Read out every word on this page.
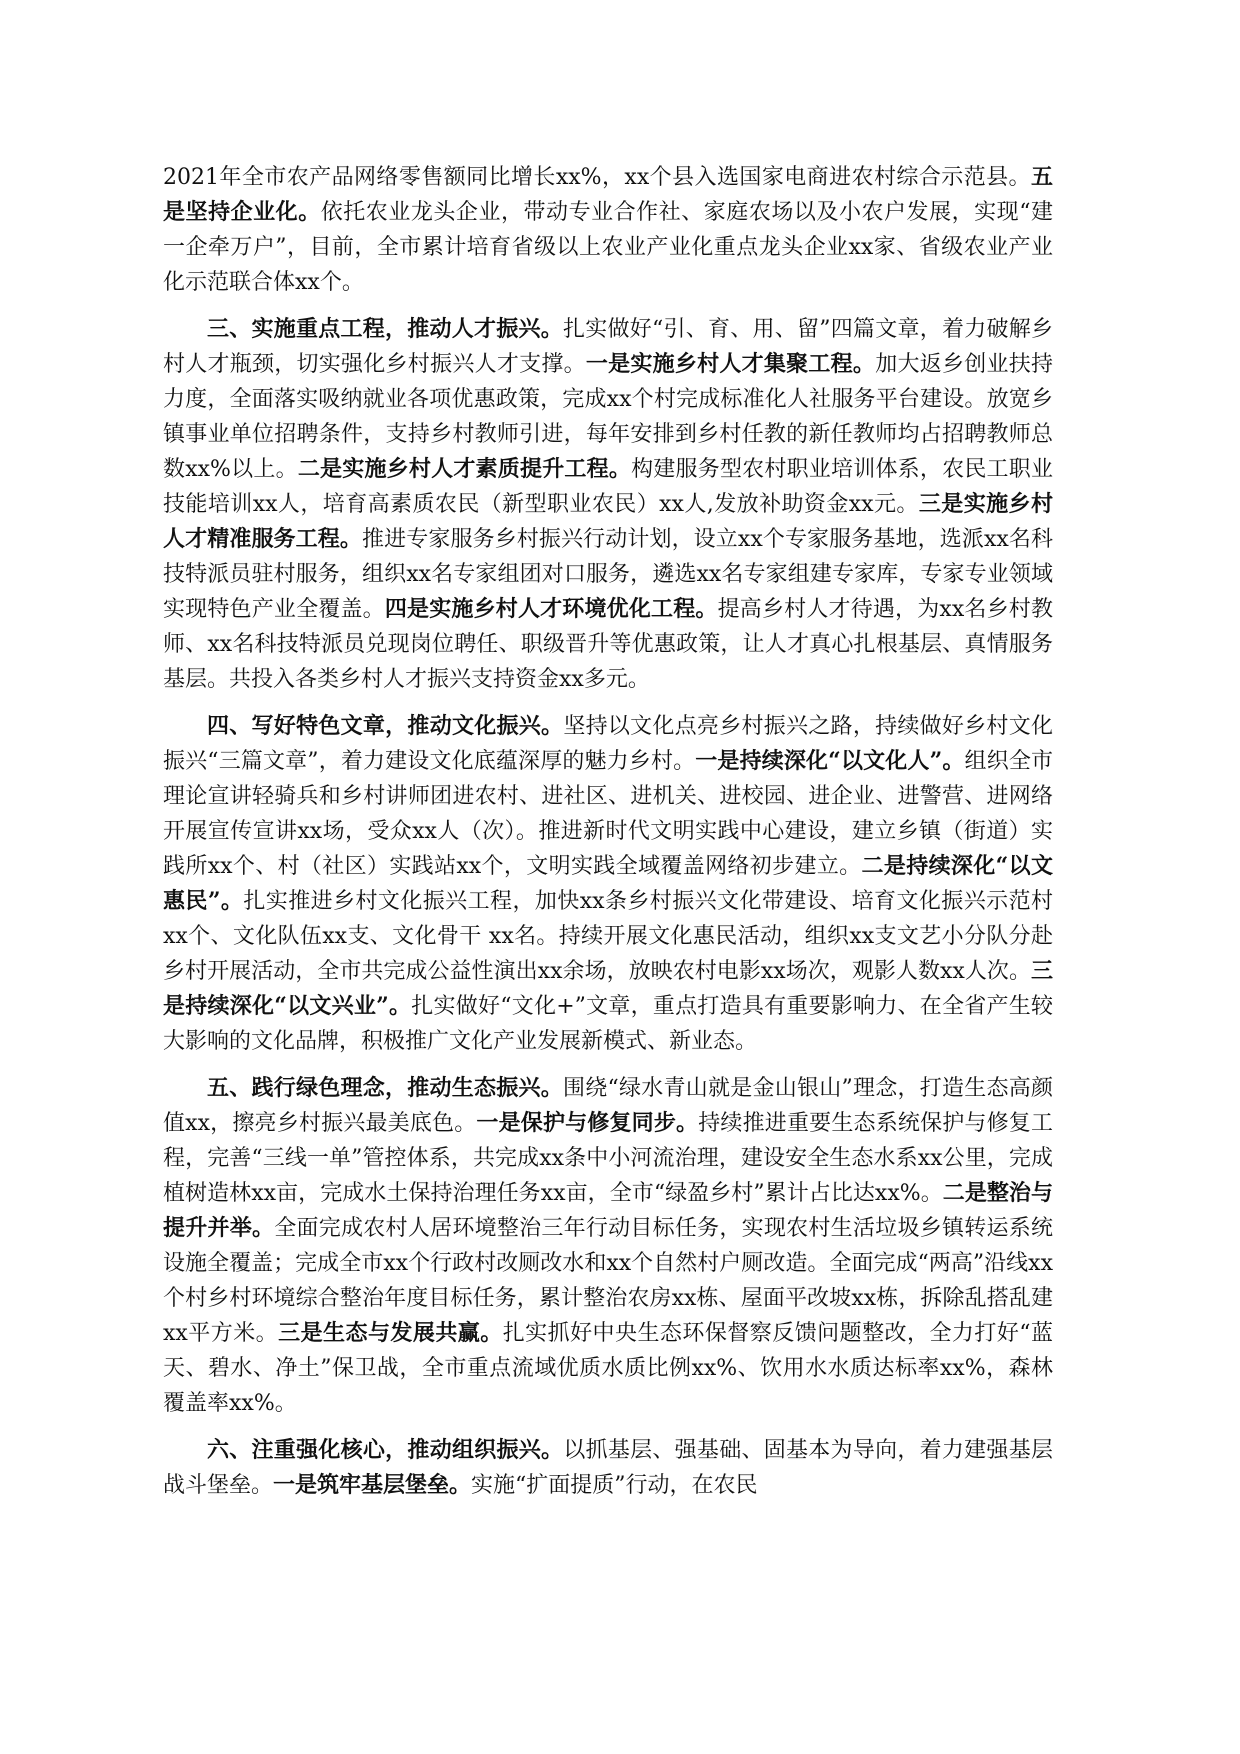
2021年全市农产品网络零售额同比增长xx%，xx个县入选国家电商进农村综合示范县。五是坚持企业化。依托农业龙头企业，带动专业合作社、家庭农场以及小农户发展，实现“建一企牵万户”，目前，全市累计培育省级以上农业产业化重点龙头企业xx家、省级农业产业化示范联合体xx个。

三、实施重点工程，推动人才振兴。扎实做好“引、育、用、留”四篇文章，着力破解乡村人才瓶颈，切实强化乡村振兴人才支撑。一是实施乡村人才集聚工程。加大返乡创业扶持力度，全面落实吸纳就业各项优惠政策，完成xx个村完成标准化人社服务平台建设。放宽乡镇事业单位招聘条件，支持乡村教师引进，每年安排到乡村任教的新任教师均占招聘教师总数xx%以上。二是实施乡村人才素质提升工程。构建服务型农村职业培训体系，农民工职业技能培训xx人，培育高素质农民（新型职业农民）xx人,发放补助资金xx元。三是实施乡村人才精准服务工程。推进专家服务乡村振兴行动计划，设立xx个专家服务基地，选派xx名科技特派员驻村服务，组织xx名专家组团对口服务，遴选xx名专家组建专家库，专家专业领域实现特色产业全覆盖。四是实施乡村人才环境优化工程。提高乡村人才待遇，为xx名乡村教师、xx名科技特派员兑现岗位聘任、职级晋升等优惠政策，让人才真心扎根基层、真情服务基层。共投入各类乡村人才振兴支持资金xx多元。

四、写好特色文章，推动文化振兴。坚持以文化点亮乡村振兴之路，持续做好乡村文化振兴“三篇文章”，着力建设文化底蕴深厚的魅力乡村。一是持续深化“以文化人”。组织全市理论宣讲轻骑兵和乡村讲师团进农村、进社区、进机关、进校园、进企业、进警营、进网络开展宣传宣讲xx场，受众xx人（次）。推进新时代文明实践中心建设，建立乡镇（街道）实践所xx个、村（社区）实践站xx个，文明实践全域覆盖网络初步建立。二是持续深化“以文惠民”。扎实推进乡村文化振兴工程，加快xx条乡村振兴文化带建设、培育文化振兴示范村xx个、文化队伍xx支、文化骨干 xx名。持续开展文化惠民活动，组织xx支文艺小分队分赴乡村开展活动，全市共完成公益性演出xx余场，放映农村电影xx场次，观影人数xx人次。三是持续深化“以文兴业”。扎实做好“文化+”文章，重点打造具有重要影响力、在全省产生较大影响的文化品牌，积极推广文化产业发展新模式、新业态。

五、践行绿色理念，推动生态振兴。围绕“绿水青山就是金山银山”理念，打造生态高颜值xx，擦亮乡村振兴最美底色。一是保护与修复同步。持续推进重要生态系统保护与修复工程，完善“三线一单”管控体系，共完成xx条中小河流治理，建设安全生态水系xx公里，完成植树造林xx亩，完成水土保持治理任务xx亩，全市“绿盈乡村”累计占比达xx%。二是整治与提升并举。全面完成农村人居环境整治三年行动目标任务，实现农村生活垃圾乡镇转运系统设施全覆盖；完成全市xx个行政村改厕改水和xx个自然村户厕改造。全面完成“两高”沿线xx个村乡村环境综合整治年度目标任务，累计整治农房xx栋、屋面平改坡xx栋，拆除乱搭乱建xx平方米。三是生态与发展共赢。扎实抓好中央生态环保督察反馈问题整改，全力打好“蓝天、碧水、净土”保卫战，全市重点流域优质水质比例xx%、饮用水水质达标率xx%，森林覆盖率xx%。

六、注重强化核心，推动组织振兴。以抓基层、强基础、固基本为导向，着力建强基层战斗堡垒。一是筑牢基层堡垒。实施“扩面提质”行动，在农民
